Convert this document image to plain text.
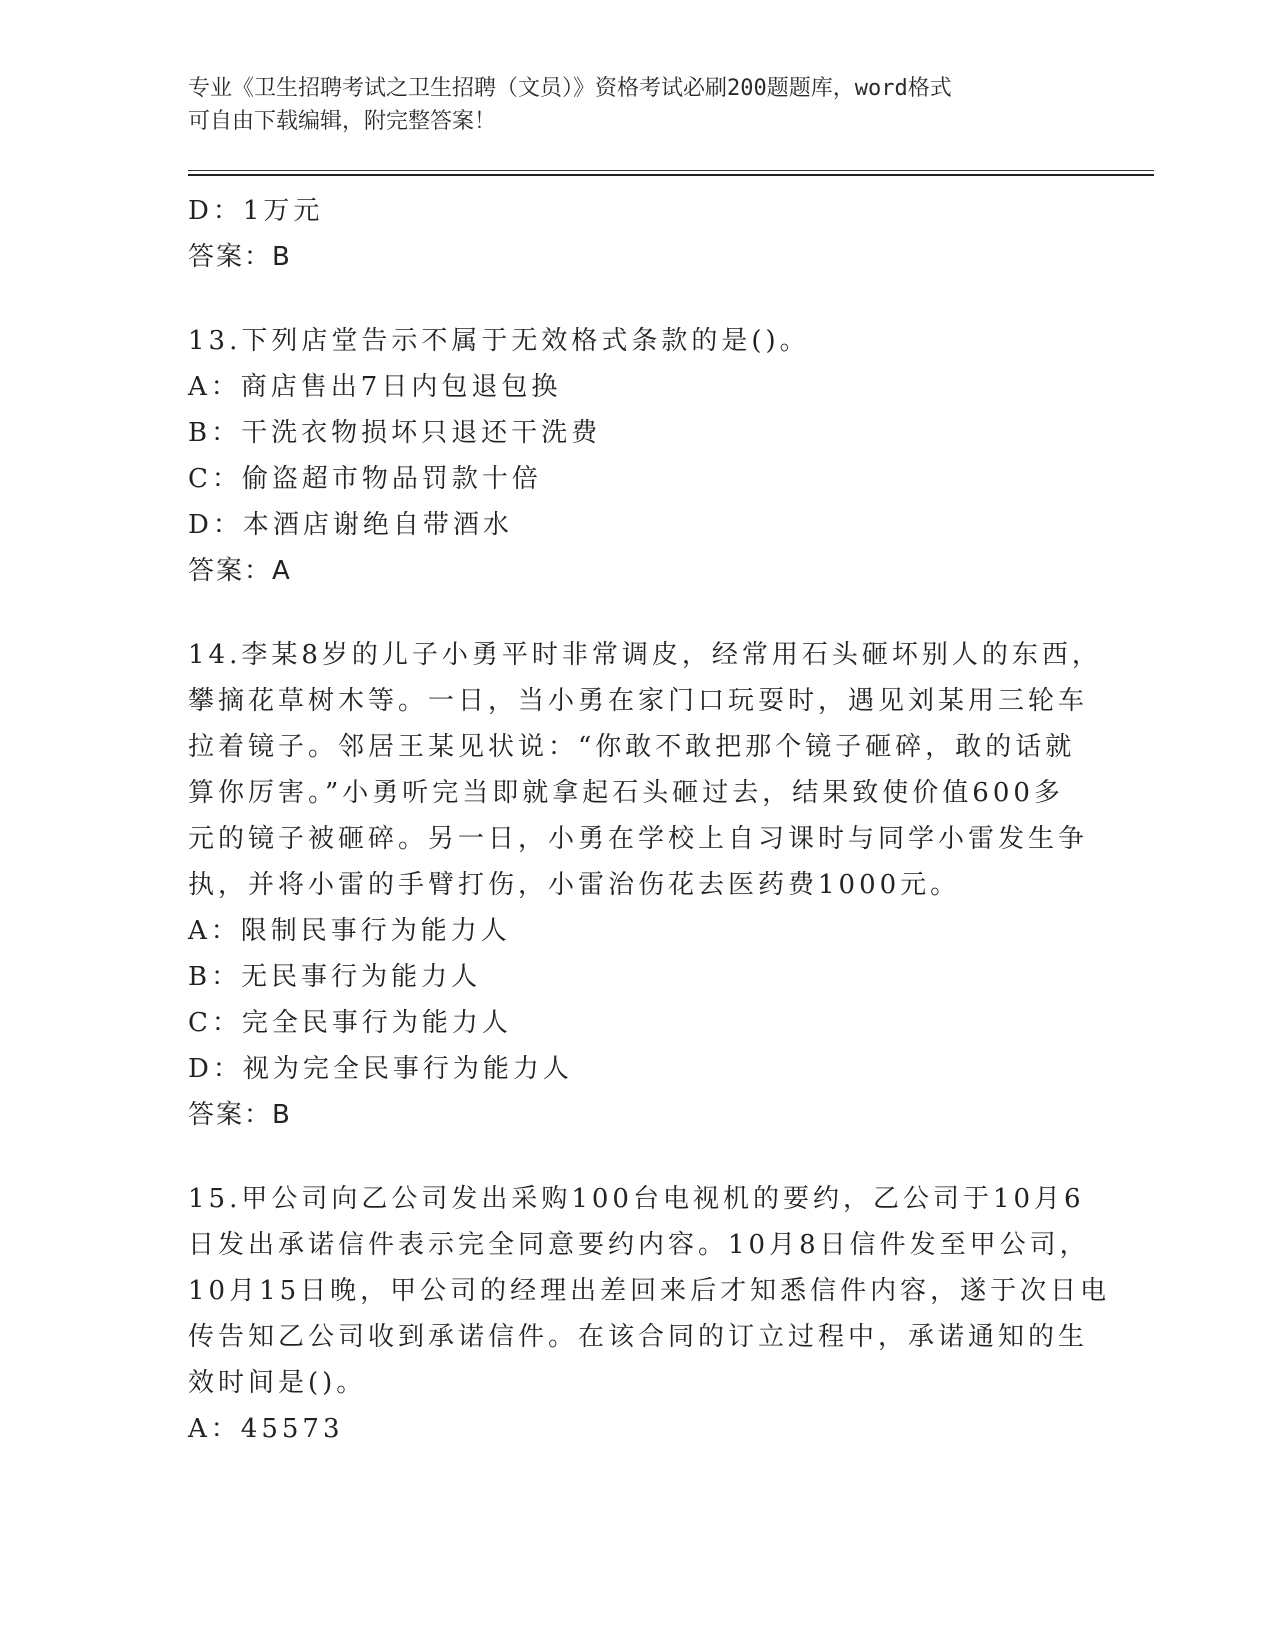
专业《卫生招聘考试之卫生招聘（文员）》资格考试必刷200题题库，word格式
可自由下载编辑，附完整答案！
D：1万元
答案：B
13.下列店堂告示不属于无效格式条款的是()。
A：商店售出7日内包退包换
B：干洗衣物损坏只退还干洗费
C：偷盗超市物品罚款十倍
D：本酒店谢绝自带酒水
答案：A
14.李某8岁的儿子小勇平时非常调皮，经常用石头砸坏别人的东西，
攀摘花草树木等。一日，当小勇在家门口玩耍时，遇见刘某用三轮车
拉着镜子。邻居王某见状说：“你敢不敢把那个镜子砸碎，敢的话就
算你厉害。”小勇听完当即就拿起石头砸过去，结果致使价值600多
元的镜子被砸碎。另一日，小勇在学校上自习课时与同学小雷发生争
执，并将小雷的手臂打伤，小雷治伤花去医药费1000元。
A：限制民事行为能力人
B：无民事行为能力人
C：完全民事行为能力人
D：视为完全民事行为能力人
答案：B
15.甲公司向乙公司发出采购100台电视机的要约，乙公司于10月6
日发出承诺信件表示完全同意要约内容。10月8日信件发至甲公司，
10月15日晚，甲公司的经理出差回来后才知悉信件内容，遂于次日电
传告知乙公司收到承诺信件。在该合同的订立过程中，承诺通知的生
效时间是()。
A：45573
